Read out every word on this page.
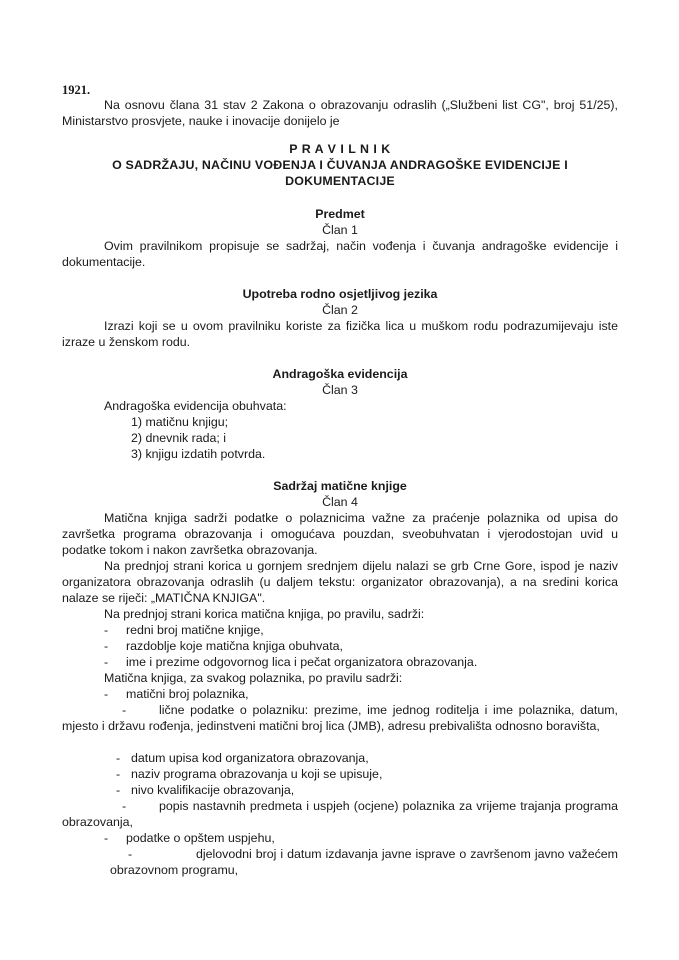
1921.
Na osnovu člana 31 stav 2 Zakona o obrazovanju odraslih („Službeni list CG", broj 51/25), Ministarstvo prosvjete, nauke i inovacije donijelo je
P R A V I L N I K
O SADRŽAJU, NAČINU VOĐENJA I ČUVANJA ANDRAGOŠKE EVIDENCIJE I
DOKUMENTACIJE
Predmet
Član 1
Ovim pravilnikom propisuje se sadržaj, način vođenja i čuvanja andragoške evidencije i dokumentacije.
Upotreba rodno osjetljivog jezika
Član 2
Izrazi koji se u ovom pravilniku koriste za fizička lica u muškom rodu podrazumijevaju iste izraze u ženskom rodu.
Andragoška evidencija
Član 3
Andragoška evidencija obuhvata:
1) matičnu knjigu;
2) dnevnik rada; i
3) knjigu izdatih potvrda.
Sadržaj matične knjige
Član 4
Matična knjiga sadrži podatke o polaznicima važne za praćenje polaznika od upisa do završetka programa obrazovanja i omogućava pouzdan, sveobuhvatan i vjerodostojan uvid u podatke tokom i nakon završetka obrazovanja.
Na prednjoj strani korica u gornjem srednjem dijelu nalazi se grb Crne Gore, ispod je naziv organizatora obrazovanja odraslih (u daljem tekstu: organizator obrazovanja), a na sredini korica nalaze se riječi: „MATIČNA KNJIGA".
Na prednjoj strani korica matična knjiga, po pravilu, sadrži:
- redni broj matične knjige,
- razdoblje koje matična knjiga obuhvata,
- ime i prezime odgovornog lica i pečat organizatora obrazovanja.
Matična knjiga, za svakog polaznika, po pravilu sadrži:
- matični broj polaznika,
-	lične podatke o polazniku: prezime, ime jednog roditelja i ime polaznika, datum, mjesto i državu rođenja, jedinstveni matični broj lica (JMB), adresu prebivališta odnosno boravišta,
- datum upisa kod organizatora obrazovanja,
- naziv programa obrazovanja u koji se upisuje,
- nivo kvalifikacije obrazovanja,
-	popis nastavnih predmeta i uspjeh (ocjene) polaznika za vrijeme trajanja programa obrazovanja,
- podatke o opštem uspjehu,
-	djelovodni broj i datum izdavanja javne isprave o završenom javno važećem obrazovnom programu,
